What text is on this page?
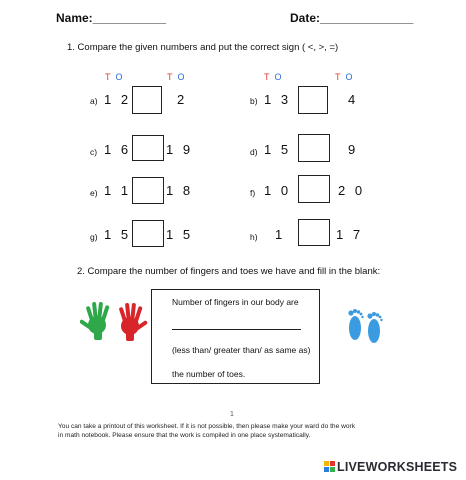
Name:___________	Date:______________
1. Compare the given numbers and put the correct sign ( <, >, =)
T O	T O	T O	T O
a) 1 2	2	b) 1 3	4
c) 1 6	1 9	d) 1 5	9
e) 1 1	1 8	f) 1 0	2 0
g) 1 5	1 5	h) 1	1 7
2. Compare the number of fingers and toes we have and fill in the blank:
Number of fingers in our body are
(less than/ greater than/ as same as)
the number of toes.
1
You can take a printout of this worksheet. If it is not possible, then please make your ward do the work
in math notebook. Please ensure that the work is compiled in one place systematically.
LIVEWORKSHEETS
